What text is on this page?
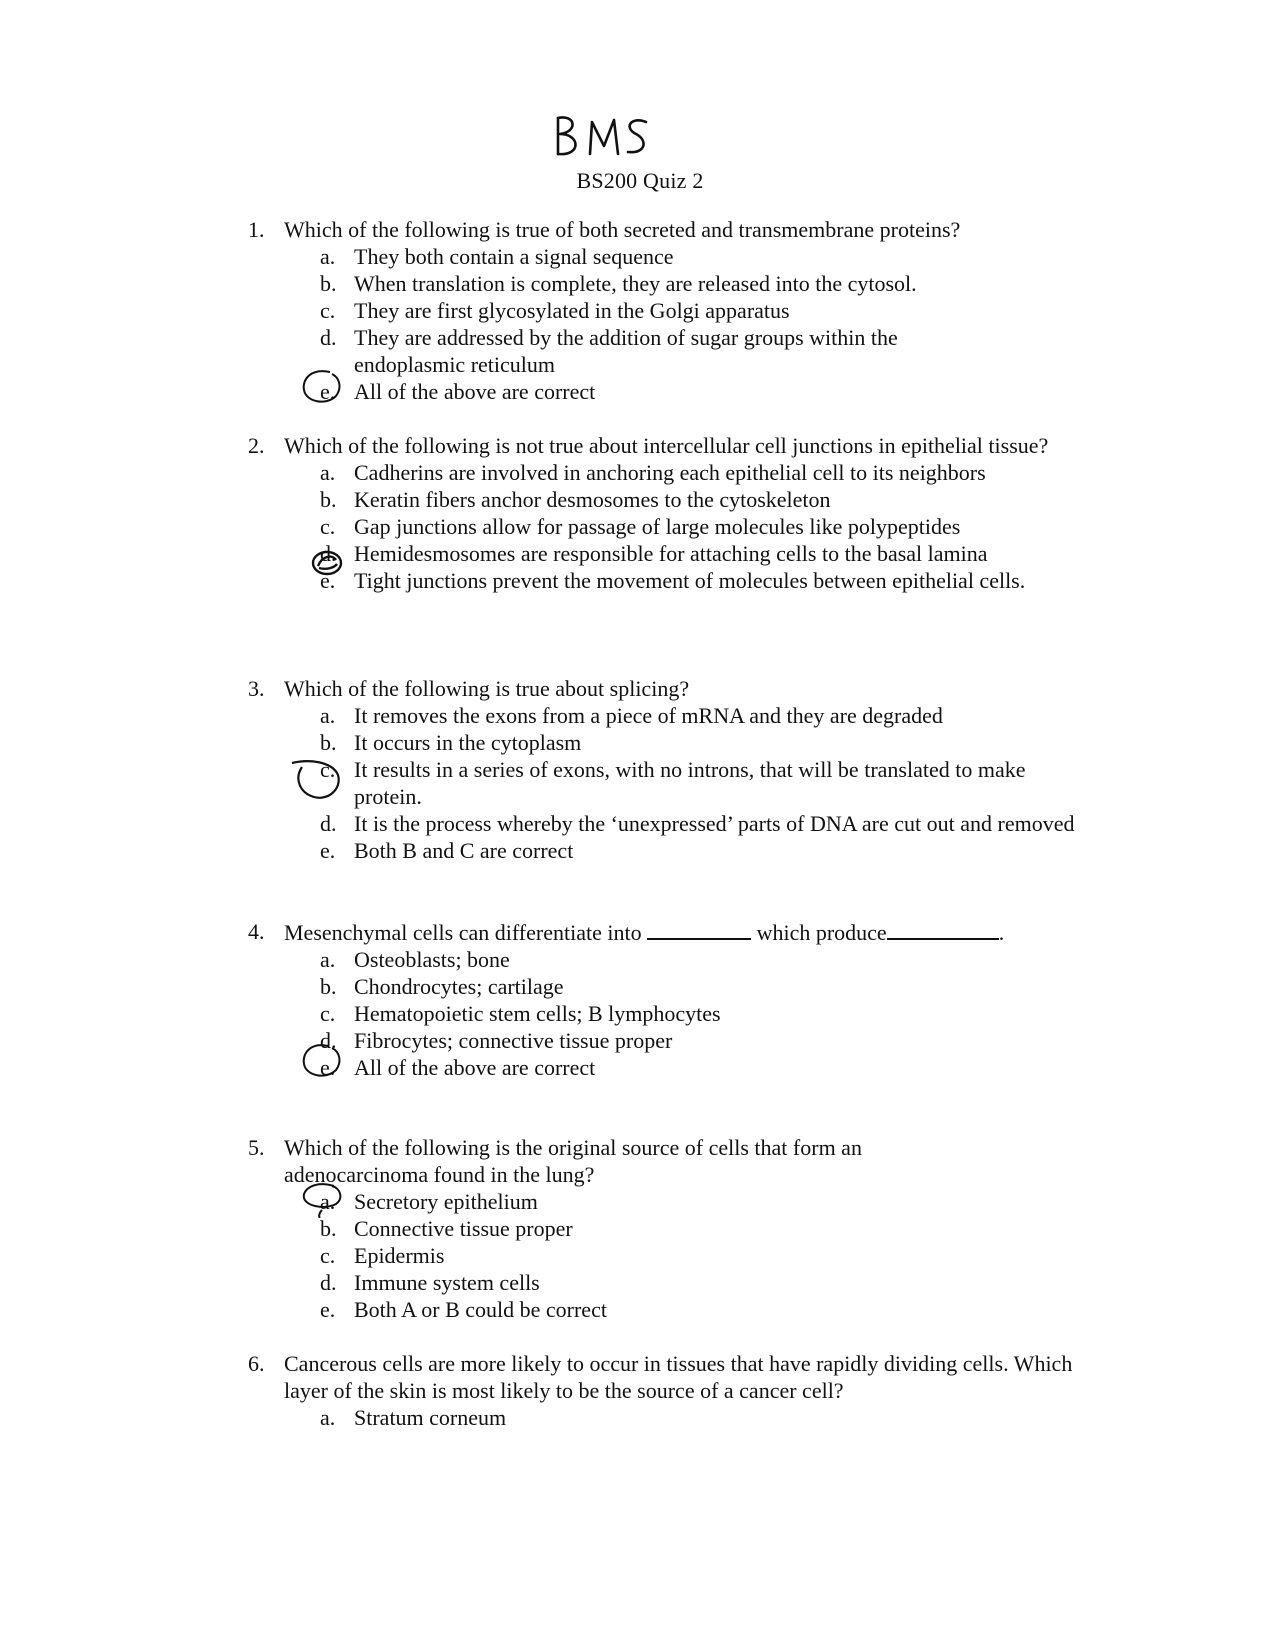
BS200 Quiz 2
1. Which of the following is true of both secreted and transmembrane proteins?
a. They both contain a signal sequence
b. When translation is complete, they are released into the cytosol.
c. They are first glycosylated in the Golgi apparatus
d. They are addressed by the addition of sugar groups within the endoplasmic reticulum
e. All of the above are correct
2. Which of the following is not true about intercellular cell junctions in epithelial tissue?
a. Cadherins are involved in anchoring each epithelial cell to its neighbors
b. Keratin fibers anchor desmosomes to the cytoskeleton
c. Gap junctions allow for passage of large molecules like polypeptides
d. Hemidesmosomes are responsible for attaching cells to the basal lamina
e. Tight junctions prevent the movement of molecules between epithelial cells.
3. Which of the following is true about splicing?
a. It removes the exons from a piece of mRNA and they are degraded
b. It occurs in the cytoplasm
c. It results in a series of exons, with no introns, that will be translated to make protein.
d. It is the process whereby the ‘unexpressed’ parts of DNA are cut out and removed
e. Both B and C are correct
4. Mesenchymal cells can differentiate into	which produce	.
a. Osteoblasts; bone
b. Chondrocytes; cartilage
c. Hematopoietic stem cells; B lymphocytes
d. Fibrocytes; connective tissue proper
e. All of the above are correct
5. Which of the following is the original source of cells that form an adenocarcinoma found in the lung?
a. Secretory epithelium
b. Connective tissue proper
c. Epidermis
d. Immune system cells
e. Both A or B could be correct
6. Cancerous cells are more likely to occur in tissues that have rapidly dividing cells. Which layer of the skin is most likely to be the source of a cancer cell?
a. Stratum corneum
